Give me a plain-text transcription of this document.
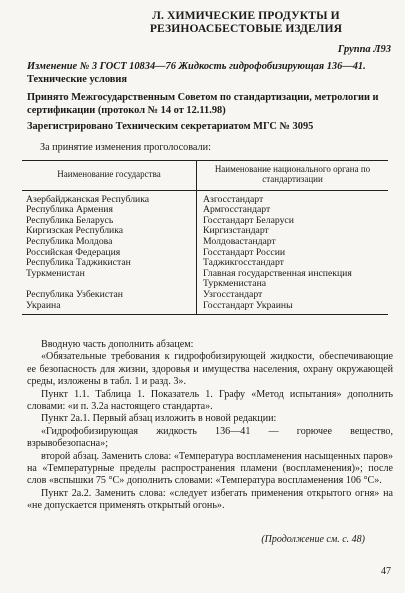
Л. ХИМИЧЕСКИЕ ПРОДУКТЫ И РЕЗИНОАСБЕСТОВЫЕ ИЗДЕЛИЯ
Группа Л93
Изменение № 3 ГОСТ 10834—76 Жидкость гидрофобизирующая 136—41.
Технические условия
Принято Межгосударственным Советом по стандартизации, метрологии и сертификации (протокол № 14 от 12.11.98)
Зарегистрировано Техническим секретариатом МГС № 3095
За принятие изменения проголосовали:
Наименование государства	Наименование национального органа по стандартизации
Азербайджанская Республика	Азгосстандарт
Республика Армения	Армгосстандарт
Республика Беларусь	Госстандарт Беларуси
Киргизская Республика	Киргизстандарт
Республика Молдова	Молдовастандарт
Российская Федерация	Госстандарт России
Республика Таджикистан	Таджикгосстандарт
Туркменистан	Главная государственная инспекция Туркменистана
Республика Узбекистан	Узгосстандарт
Украина	Госстандарт Украины

Вводную часть дополнить абзацем:

«Обязательные требования к гидрофобизирующей жидкости, обеспечивающие ее безопасность для жизни, здоровья и имущества населения, охрану окружающей среды, изложены в табл. 1 и разд. 3».

Пункт 1.1. Таблица 1. Показатель 1. Графу «Метод испытания» дополнить словами: «и п. 3.2а настоящего стандарта».

Пункт 2а.1. Первый абзац изложить в новой редакции:

«Гидрофобизирующая жидкость 136—41 — горючее вещество, взрывобезопасна»;

второй абзац. Заменить слова: «Температура воспламенения насыщенных паров» на «Температурные пределы распространения пламени (воспламенения)»; после слов «вспышки 75 °С» дополнить словами: «Температура воспламенения 106 °С».

Пункт 2а.2. Заменить слова: «следует избегать применения открытого огня» на «не допускается применять открытый огонь».

(Продолжение см. с. 48)
47
